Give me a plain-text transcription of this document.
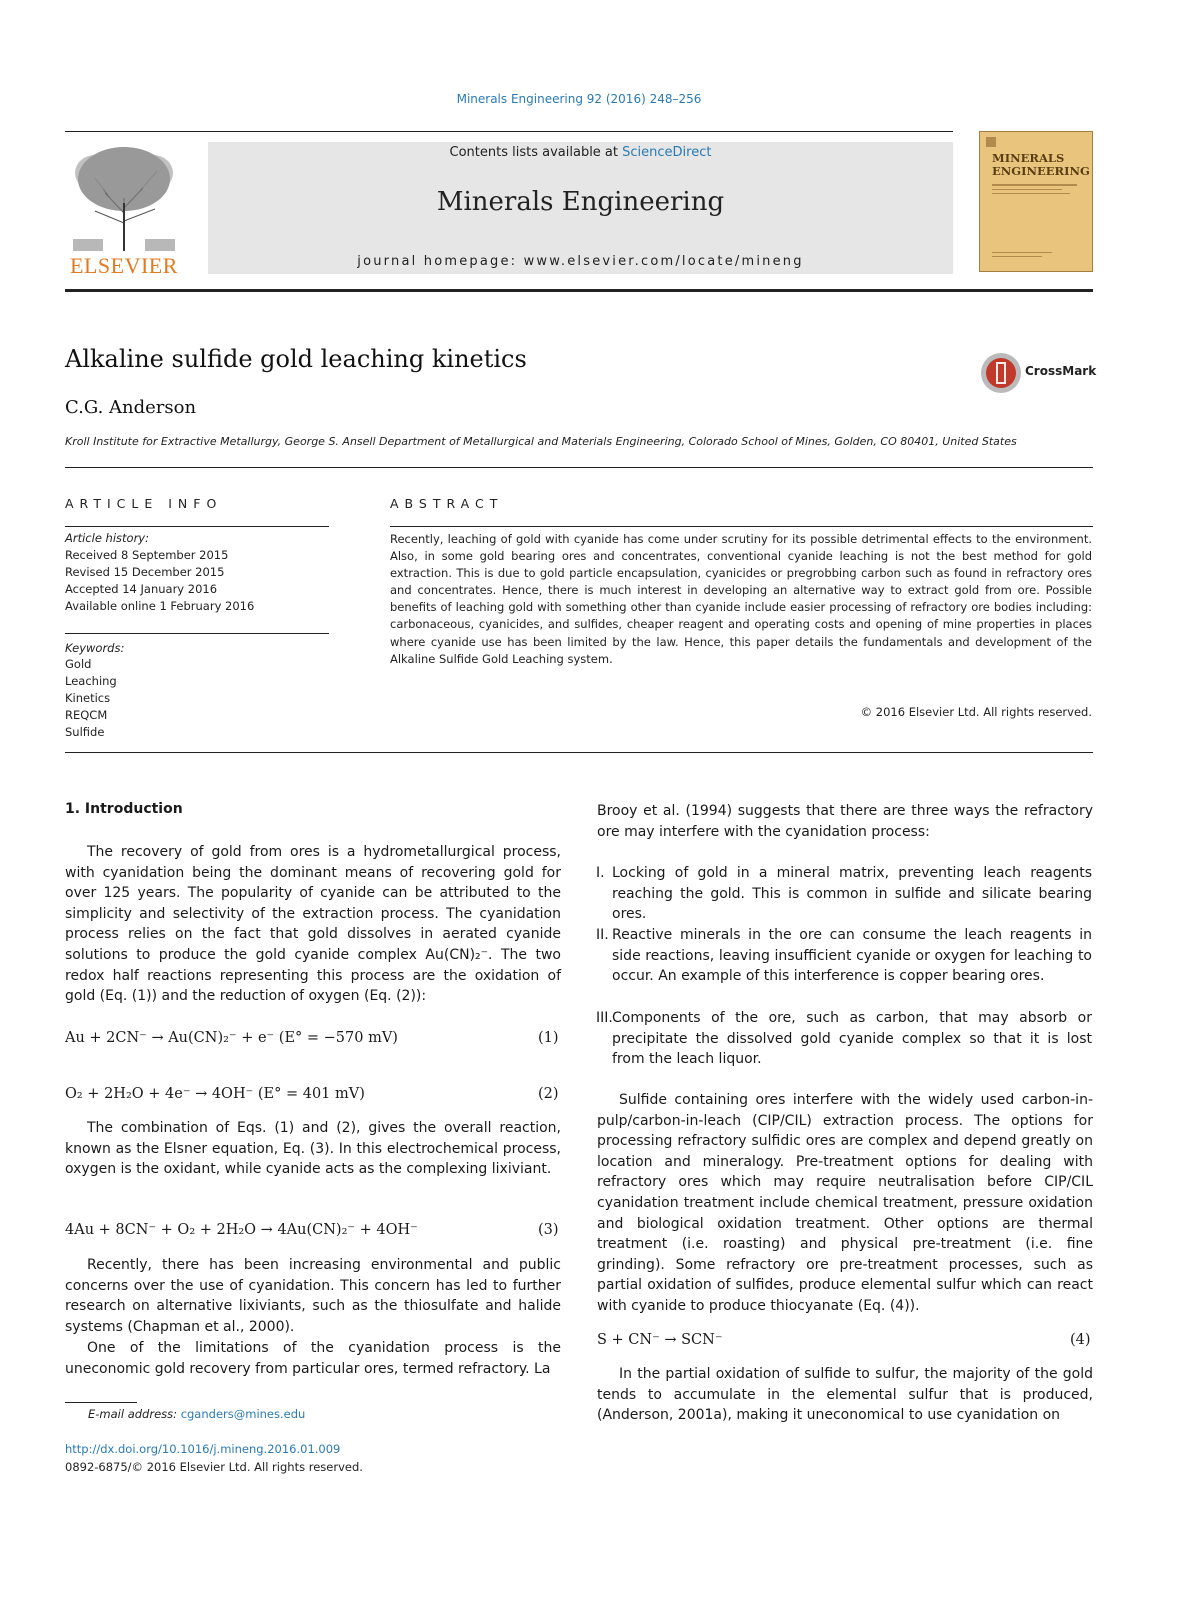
Minerals Engineering 92 (2016) 248–256
ELSEVIER
Contents lists available at ScienceDirect
Minerals Engineering
journal homepage: www.elsevier.com/locate/mineng
MINERALS
ENGINEERING
Alkaline sulfide gold leaching kinetics
C.G. Anderson
CrossMark
Kroll Institute for Extractive Metallurgy, George S. Ansell Department of Metallurgical and Materials Engineering, Colorado School of Mines, Golden, CO 80401, United States
ARTICLE INFO	ABSTRACT
Article history:
Received 8 September 2015
Revised 15 December 2015
Accepted 14 January 2016
Available online 1 February 2016
Keywords:
Gold
Leaching
Kinetics
REQCM
Sulfide
Recently, leaching of gold with cyanide has come under scrutiny for its possible detrimental effects to the environment. Also, in some gold bearing ores and concentrates, conventional cyanide leaching is not the best method for gold extraction. This is due to gold particle encapsulation, cyanicides or pregrobbing carbon such as found in refractory ores and concentrates. Hence, there is much interest in developing an alternative way to extract gold from ore. Possible benefits of leaching gold with something other than cyanide include easier processing of refractory ore bodies including: carbonaceous, cyanicides, and sulfides, cheaper reagent and operating costs and opening of mine properties in places where cyanide use has been limited by the law. Hence, this paper details the fundamentals and development of the Alkaline Sulfide Gold Leaching system.
© 2016 Elsevier Ltd. All rights reserved.
1. Introduction
The recovery of gold from ores is a hydrometallurgical process, with cyanidation being the dominant means of recovering gold for over 125 years. The popularity of cyanide can be attributed to the simplicity and selectivity of the extraction process. The cyanidation process relies on the fact that gold dissolves in aerated cyanide solutions to produce the gold cyanide complex Au(CN)₂⁻. The two redox half reactions representing this process are the oxidation of gold (Eq. (1)) and the reduction of oxygen (Eq. (2)):
Au + 2CN⁻ → Au(CN)₂⁻ + e⁻ (E° = −570 mV)	(1)
O₂ + 2H₂O + 4e⁻ → 4OH⁻ (E° = 401 mV)	(2)
The combination of Eqs. (1) and (2), gives the overall reaction, known as the Elsner equation, Eq. (3). In this electrochemical process, oxygen is the oxidant, while cyanide acts as the complexing lixiviant.
4Au + 8CN⁻ + O₂ + 2H₂O → 4Au(CN)₂⁻ + 4OH⁻	(3)
Recently, there has been increasing environmental and public concerns over the use of cyanidation. This concern has led to further research on alternative lixiviants, such as the thiosulfate and halide systems (Chapman et al., 2000).
One of the limitations of the cyanidation process is the uneconomic gold recovery from particular ores, termed refractory. La
Brooy et al. (1994) suggests that there are three ways the refractory ore may interfere with the cyanidation process:
I. Locking of gold in a mineral matrix, preventing leach reagents reaching the gold. This is common in sulfide and silicate bearing ores.
II. Reactive minerals in the ore can consume the leach reagents in side reactions, leaving insufficient cyanide or oxygen for leaching to occur. An example of this interference is copper bearing ores.
III. Components of the ore, such as carbon, that may absorb or precipitate the dissolved gold cyanide complex so that it is lost from the leach liquor.
Sulfide containing ores interfere with the widely used carbon-in-pulp/carbon-in-leach (CIP/CIL) extraction process. The options for processing refractory sulfidic ores are complex and depend greatly on location and mineralogy. Pre-treatment options for dealing with refractory ores which may require neutralisation before CIP/CIL cyanidation treatment include chemical treatment, pressure oxidation and biological oxidation treatment. Other options are thermal treatment (i.e. roasting) and physical pre-treatment (i.e. fine grinding). Some refractory ore pre-treatment processes, such as partial oxidation of sulfides, produce elemental sulfur which can react with cyanide to produce thiocyanate (Eq. (4)).
S + CN⁻ → SCN⁻	(4)
In the partial oxidation of sulfide to sulfur, the majority of the gold tends to accumulate in the elemental sulfur that is produced, (Anderson, 2001a), making it uneconomical to use cyanidation on
E-mail address: cganders@mines.edu
http://dx.doi.org/10.1016/j.mineng.2016.01.009
0892-6875/© 2016 Elsevier Ltd. All rights reserved.
